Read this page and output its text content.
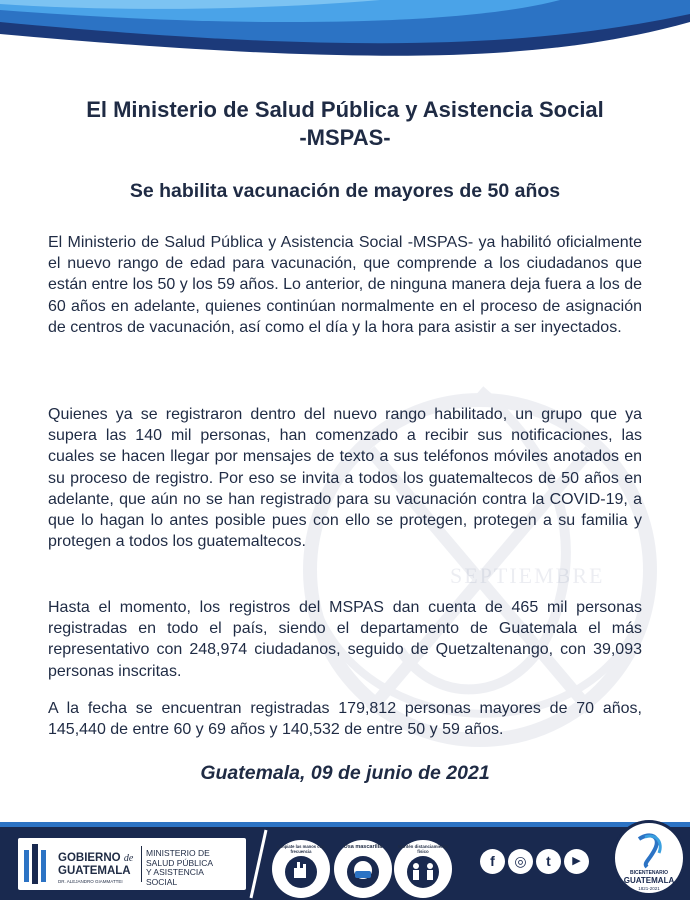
SEPTIEMBRE
El Ministerio de Salud Pública y Asistencia Social
-MSPAS-
Se habilita vacunación de mayores de 50 años
El Ministerio de Salud Pública y Asistencia Social -MSPAS- ya habilitó oficialmente el nuevo rango de edad para vacunación, que comprende a los ciudadanos que están entre los 50 y los 59 años. Lo anterior, de ninguna manera deja fuera a los de 60 años en adelante, quienes continúan normalmente en el proceso de asignación de centros de vacunación, así como el día y la hora para asistir a ser inyectados.
Quienes ya se registraron dentro del nuevo rango habilitado, un grupo que ya supera las 140 mil personas, han comenzado a recibir sus notificaciones, las cuales se hacen llegar por mensajes de texto a sus teléfonos móviles anotados en su proceso de registro. Por eso se invita a todos los guatemaltecos de 50 años en adelante, que aún no se han registrado para su vacunación contra la COVID-19, a que lo hagan lo antes posible pues con ello se protegen, protegen a su familia y protegen a todos los guatemaltecos.
Hasta el momento, los registros del MSPAS dan cuenta de 465 mil personas registradas en todo el país, siendo el departamento de Guatemala el más representativo con 248,974 ciudadanos, seguido de Quetzaltenango, con 39,093 personas inscritas.
A la fecha se encuentran registradas 179,812 personas mayores de 70 años, 145,440 de entre 60 y 69 años y 140,532 de entre 50 y 59 años.
Guatemala, 09 de junio de 2021
GOBIERNO de
GUATEMALA
DR. ALEJANDRO GIAMMATTEI
MINISTERIO DE
SALUD PÚBLICA
Y ASISTENCIA
SOCIAL
Límpiate las manos con frecuencia
Usa mascarilla	Mantén distanciamiento físico
f	◎	t	▶
BICENTENARIO
GUATEMALA
1821-2021
